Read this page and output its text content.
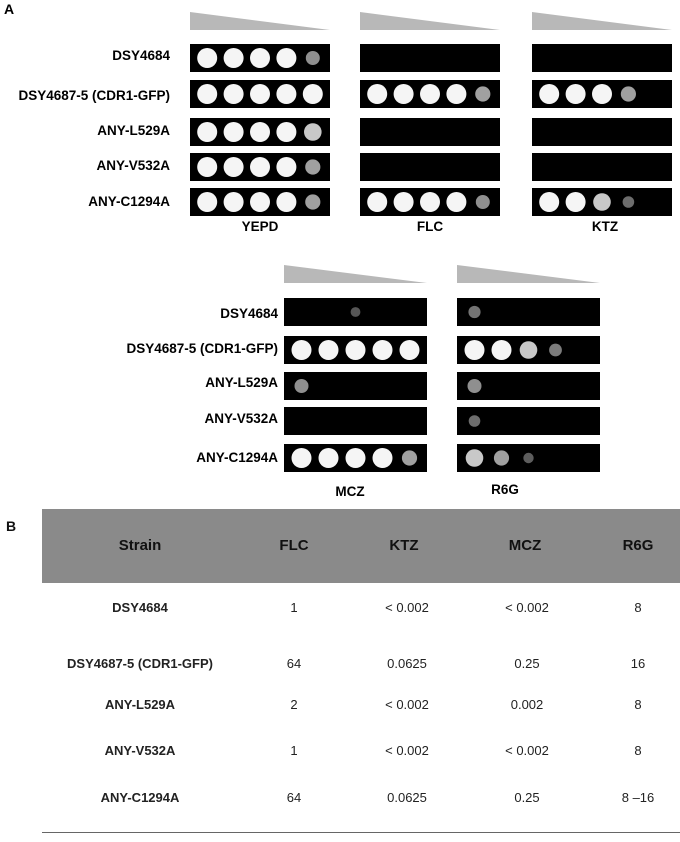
A
DSY4684
DSY4687-5 (CDR1-GFP)
ANY-L529A
ANY-V532A
ANY-C1294A
YEPD	FLC	KTZ
DSY4684
DSY4687-5 (CDR1-GFP)
ANY-L529A
ANY-V532A
ANY-C1294A
MCZ	R6G
B
Strain	FLC	KTZ	MCZ	R6G
DSY4684	1	< 0.002	< 0.002	8
DSY4687-5 (CDR1-GFP)	64	0.0625	0.25	16
ANY-L529A	2	< 0.002	0.002	8
ANY-V532A	1	< 0.002	< 0.002	8
ANY-C1294A	64	0.0625	0.25	8 –16
